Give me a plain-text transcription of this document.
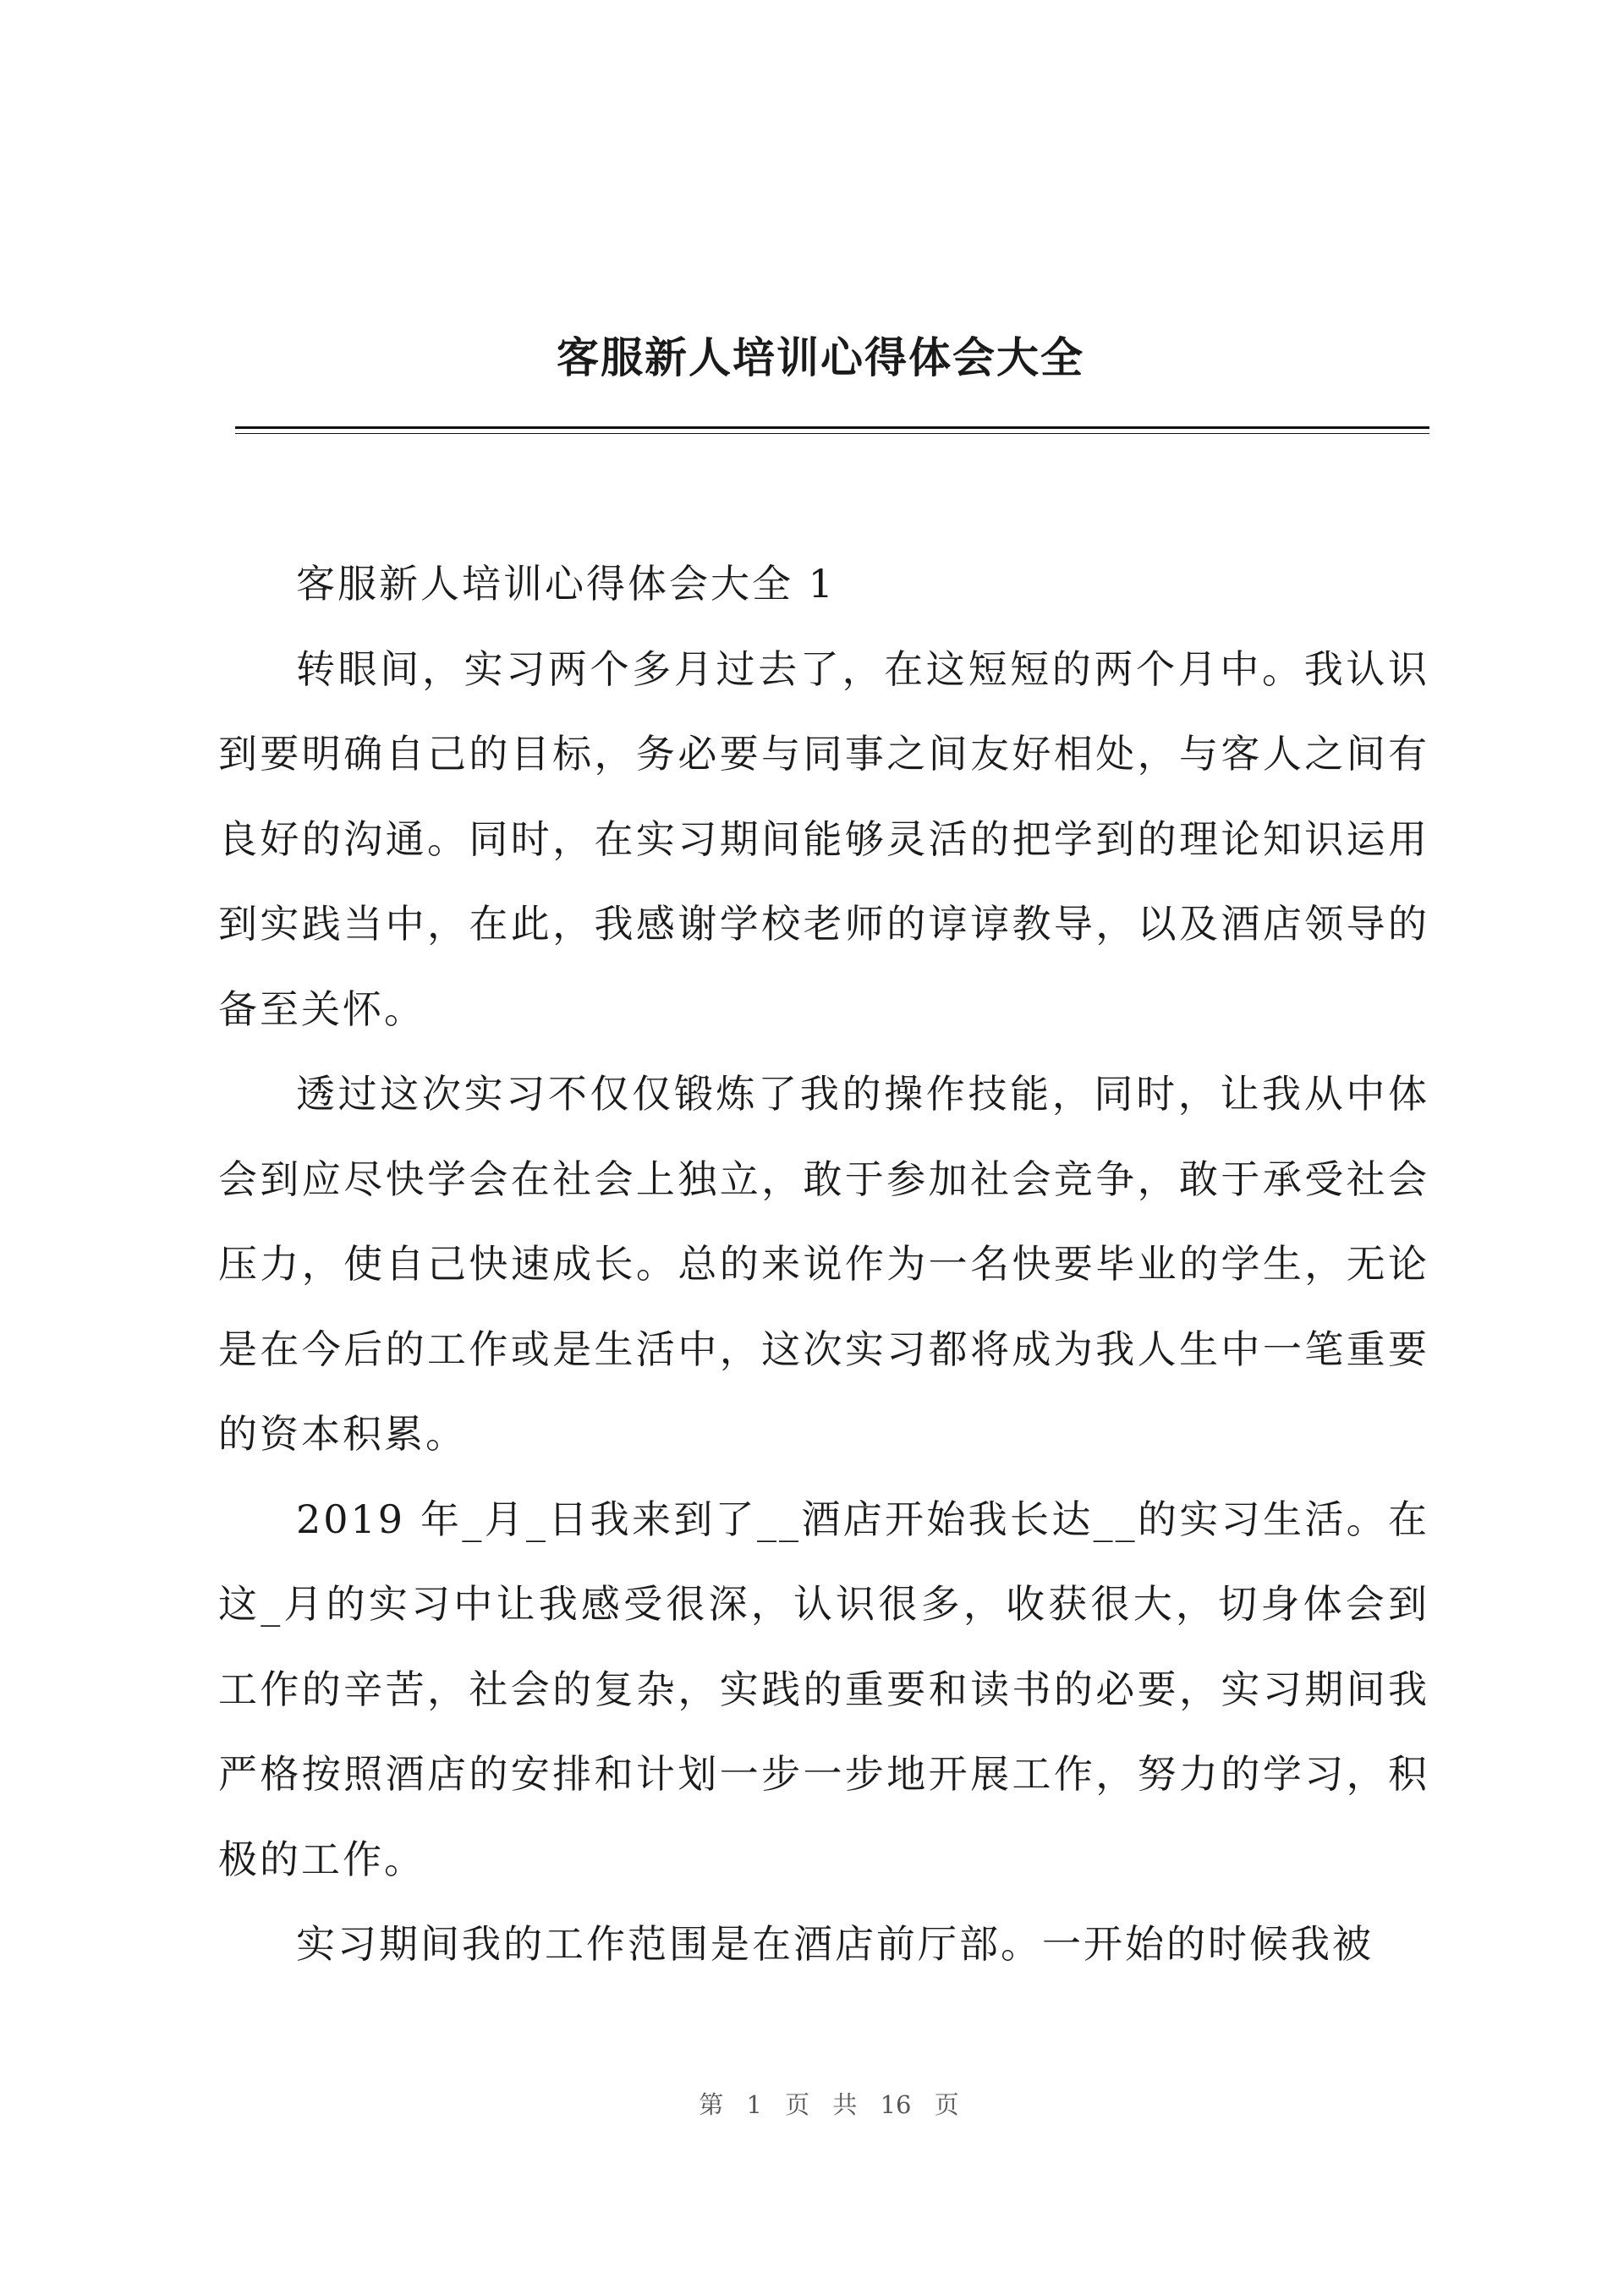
客服新人培训心得体会大全

客服新人培训心得体会大全 1

转眼间，实习两个多月过去了，在这短短的两个月中。我认识到要明确自己的目标，务必要与同事之间友好相处，与客人之间有良好的沟通。同时，在实习期间能够灵活的把学到的理论知识运用到实践当中，在此，我感谢学校老师的谆谆教导，以及酒店领导的备至关怀。

透过这次实习不仅仅锻炼了我的操作技能，同时，让我从中体会到应尽快学会在社会上独立，敢于参加社会竞争，敢于承受社会压力，使自己快速成长。总的来说作为一名快要毕业的学生，无论是在今后的工作或是生活中，这次实习都将成为我人生中一笔重要的资本积累。

2019 年_月_日我来到了__酒店开始我长达__的实习生活。在这_月的实习中让我感受很深，认识很多，收获很大，切身体会到工作的辛苦，社会的复杂，实践的重要和读书的必要，实习期间我严格按照酒店的安排和计划一步一步地开展工作，努力的学习，积极的工作。

实习期间我的工作范围是在酒店前厅部。一开始的时候我被

第 1 页 共 16 页
